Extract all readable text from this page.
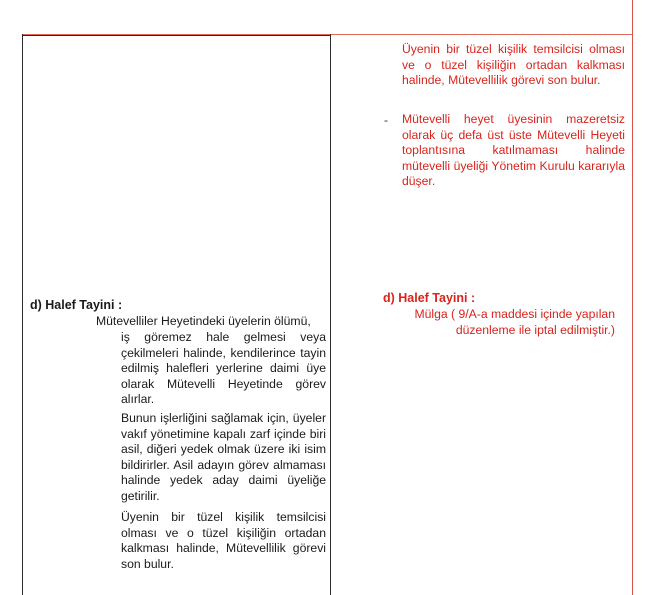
Üyenin bir tüzel kişilik temsilcisi olması ve o tüzel kişiliğin ortadan kalkması halinde, Mütevellilik görevi son bulur.
- Mütevelli heyet üyesinin mazeretsiz olarak üç defa üst üste Mütevelli Heyeti toplantısına katılmaması halinde mütevelli üyeliği Yönetim Kurulu kararıyla düşer.
d) Halef Tayini :
Mülga ( 9/A-a maddesi içinde yapılan düzenleme ile iptal edilmiştir.)
d) Halef Tayini :
Mütevelliler Heyetindeki üyelerin ölümü,
iş göremez hale gelmesi veya çekilmeleri halinde, kendilerince tayin edilmiş halefleri yerlerine daimi üye olarak Mütevelli Heyetinde görev alırlar.
Bunun işlerliğini sağlamak için, üyeler vakıf yönetimine kapalı zarf içinde biri asil, diğeri yedek olmak üzere iki isim bildirirler. Asil adayın görev almaması halinde yedek aday daimi üyeliğe getirilir.
Üyenin bir tüzel kişilik temsilcisi olması ve o tüzel kişiliğin ortadan kalkması halinde, Mütevellilik görevi son bulur.
